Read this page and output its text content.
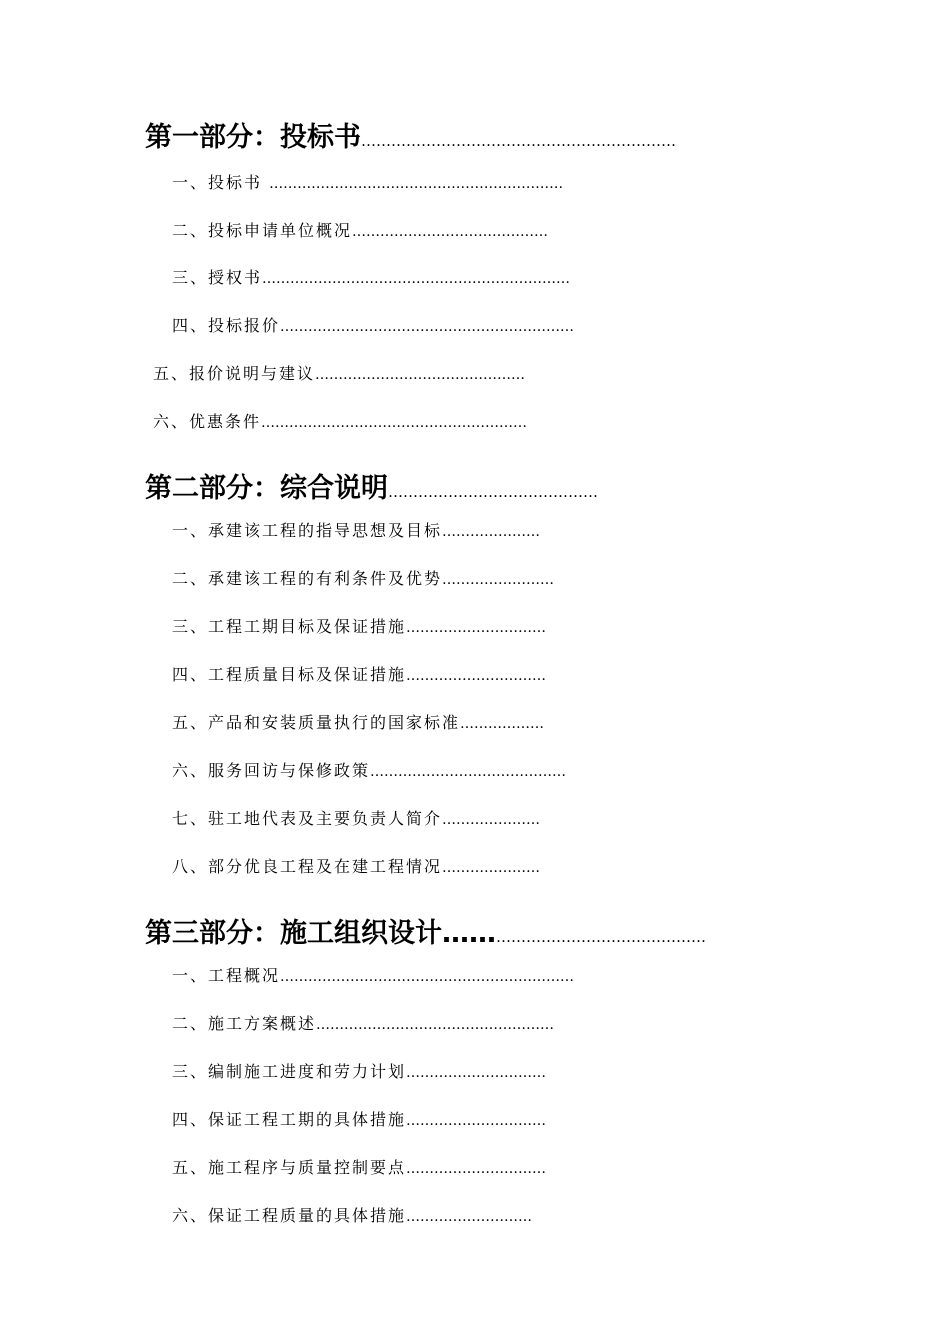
第一部分：投标书………………………………………………………
一、投标书 ………………………………………………………
二、投标申请单位概况……………………………………
三、授权书…………………………………………………………
四、投标报价………………………………………………………
五、报价说明与建议………………………………………
六、优惠条件…………………………………………………
第二部分：综合说明……………………………………
一、承建该工程的指导思想及目标…………………
二、承建该工程的有利条件及优势……………………
三、工程工期目标及保证措施…………………………
四、工程质量目标及保证措施…………………………
五、产品和安装质量执行的国家标准………………
六、服务回访与保修政策……………………………………
七、驻工地代表及主要负责人简介…………………
八、部分优良工程及在建工程情况…………………
第三部分：施工组织设计…………………………………………
一、工程概况………………………………………………………
二、施工方案概述……………………………………………
三、编制施工进度和劳力计划…………………………
四、保证工程工期的具体措施…………………………
五、施工程序与质量控制要点…………………………
六、保证工程质量的具体措施………………………
